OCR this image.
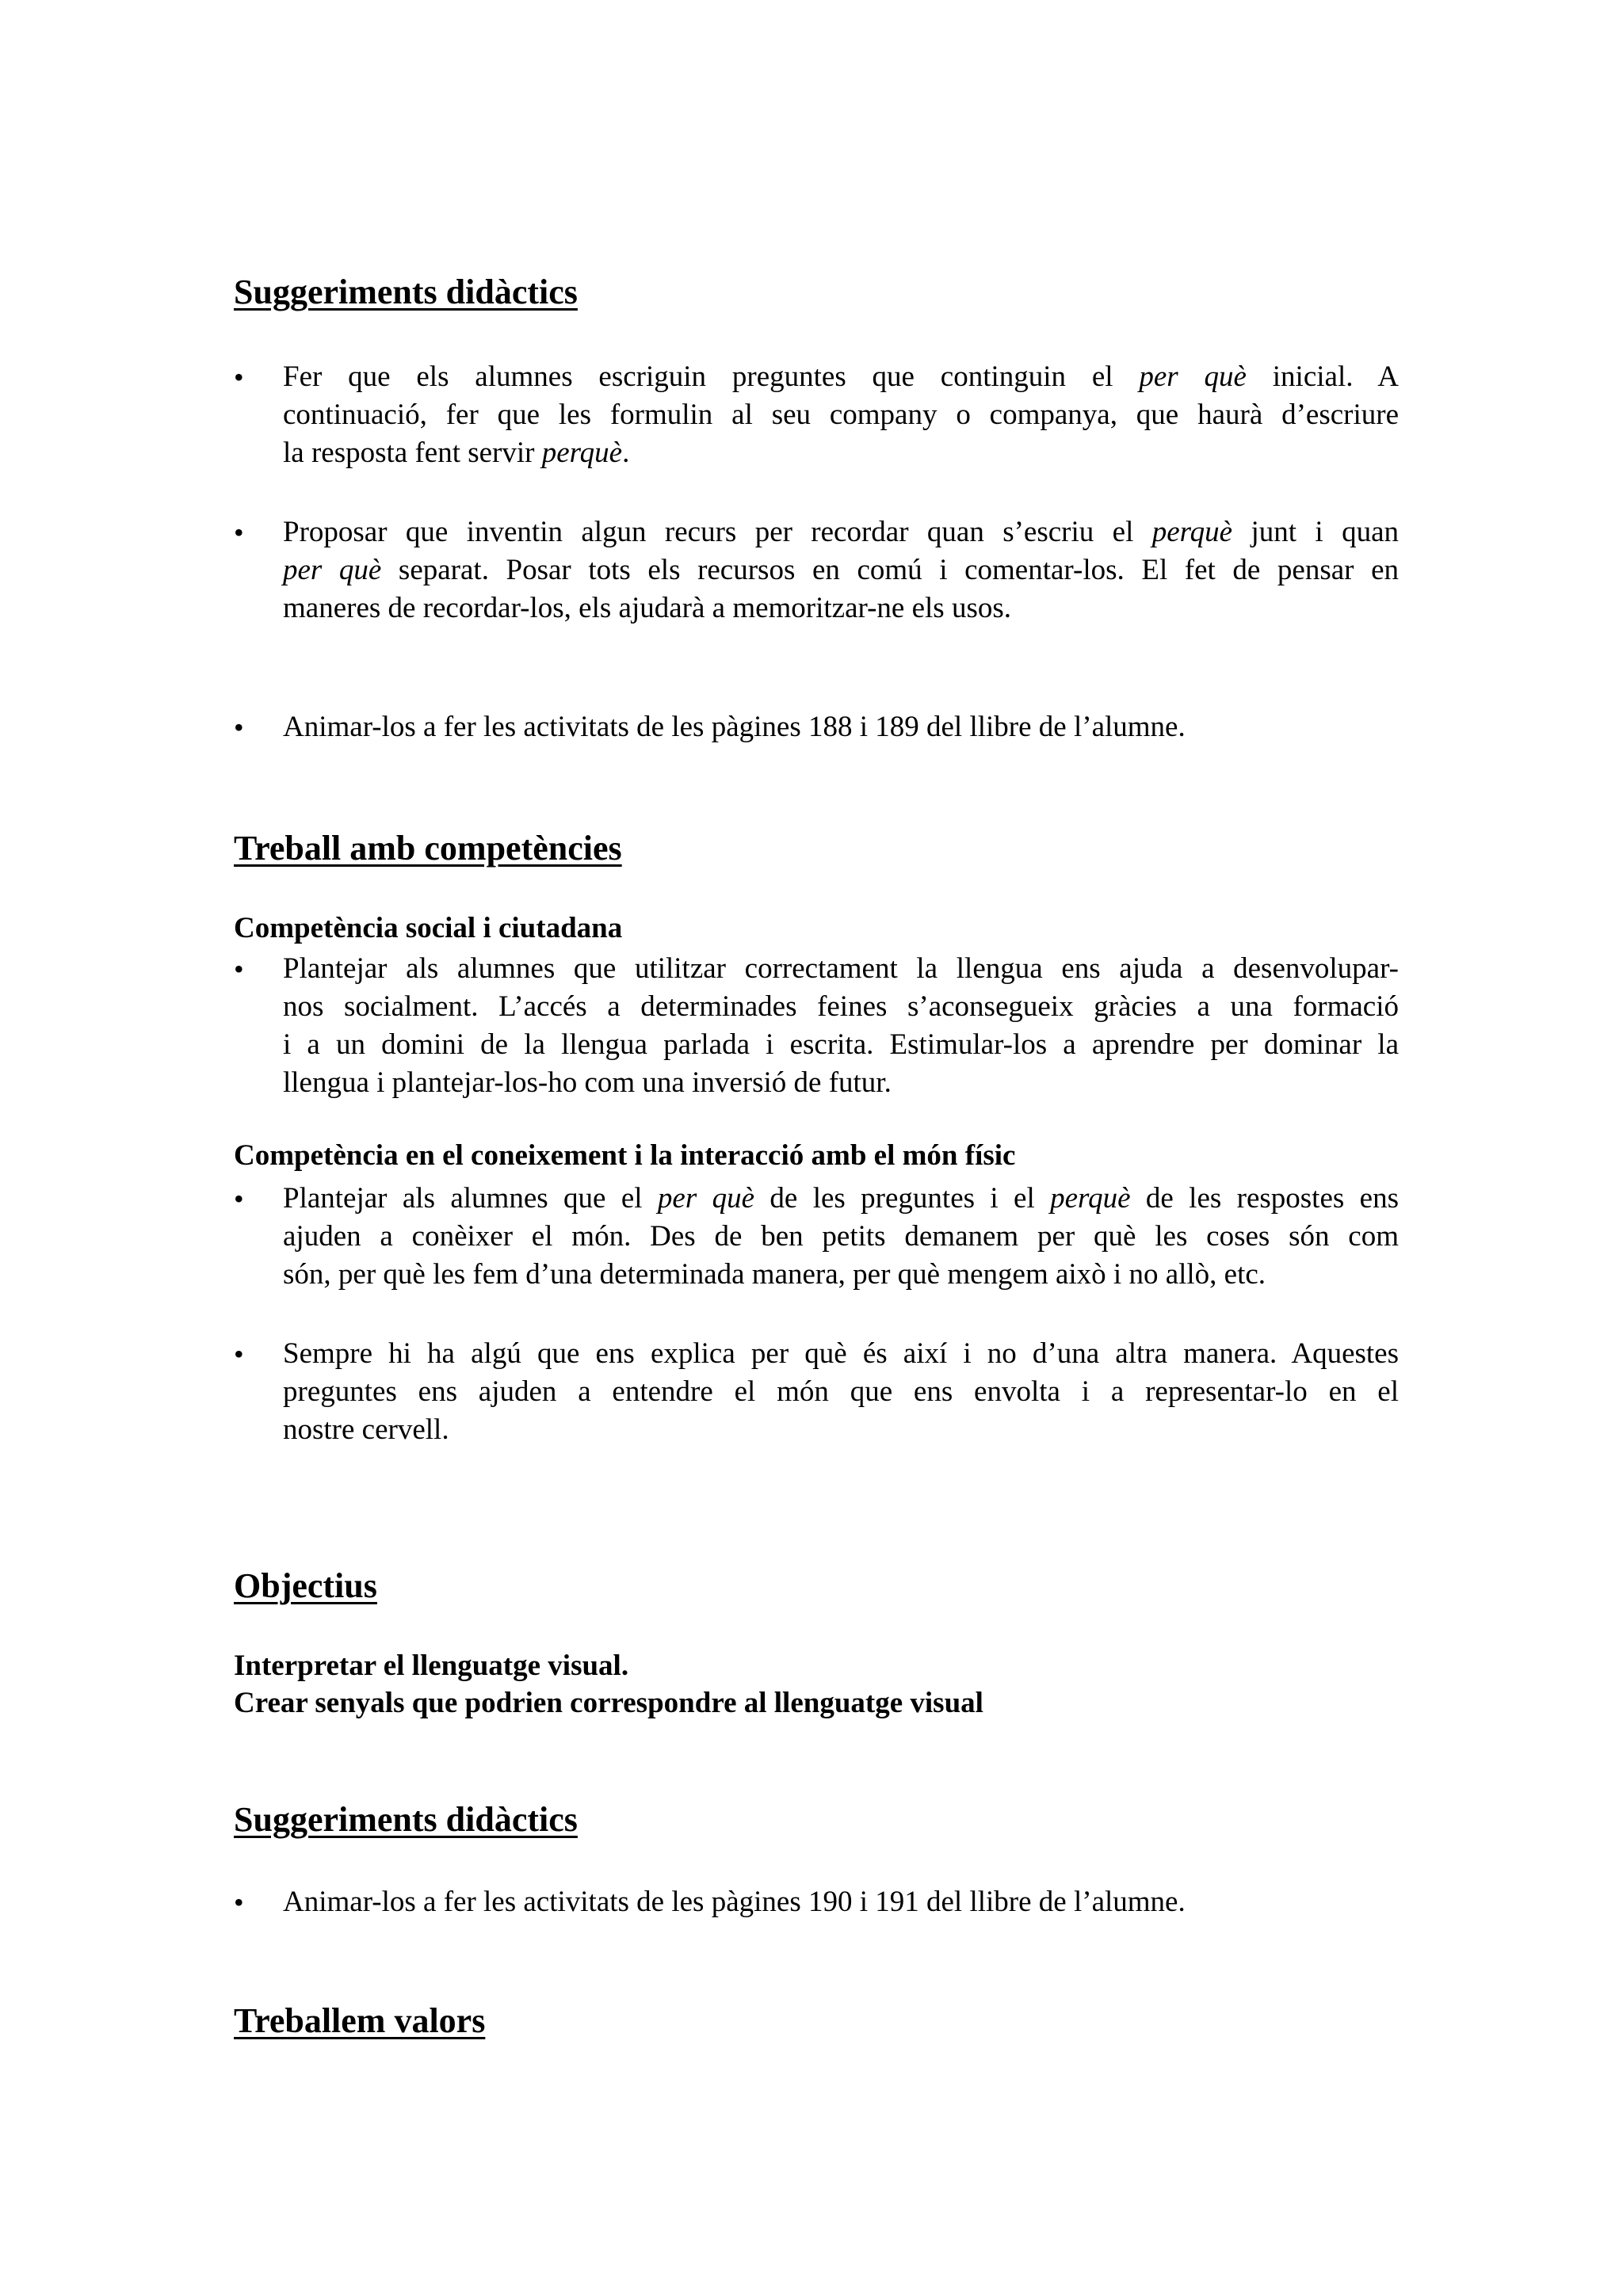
Suggeriments didàctics
• Fer que els alumnes escriguin preguntes que continguin el per què inicial. A
continuació, fer que les formulin al seu company o companya, que haurà d’escriure
la resposta fent servir perquè.
• Proposar que inventin algun recurs per recordar quan s’escriu el perquè junt i quan
per què separat. Posar tots els recursos en comú i comentar-los. El fet de pensar en
maneres de recordar-los, els ajudarà a memoritzar-ne els usos.
• Animar-los a fer les activitats de les pàgines 188 i 189 del llibre de l’alumne.
Treball amb competències
Competència social i ciutadana
• Plantejar als alumnes que utilitzar correctament la llengua ens ajuda a desenvolupar-
nos socialment. L’accés a determinades feines s’aconsegueix gràcies a una formació
i a un domini de la llengua parlada i escrita. Estimular-los a aprendre per dominar la
llengua i plantejar-los-ho com una inversió de futur.
Competència en el coneixement i la interacció amb el món físic
• Plantejar als alumnes que el per què de les preguntes i el perquè de les respostes ens
ajuden a conèixer el món. Des de ben petits demanem per què les coses són com
són, per què les fem d’una determinada manera, per què mengem això i no allò, etc.
• Sempre hi ha algú que ens explica per què és així i no d’una altra manera. Aquestes
preguntes ens ajuden a entendre el món que ens envolta i a representar-lo en el
nostre cervell.
Objectius
Interpretar el llenguatge visual.
Crear senyals que podrien correspondre al llenguatge visual
Suggeriments didàctics
• Animar-los a fer les activitats de les pàgines 190 i 191 del llibre de l’alumne.
Treballem valors
